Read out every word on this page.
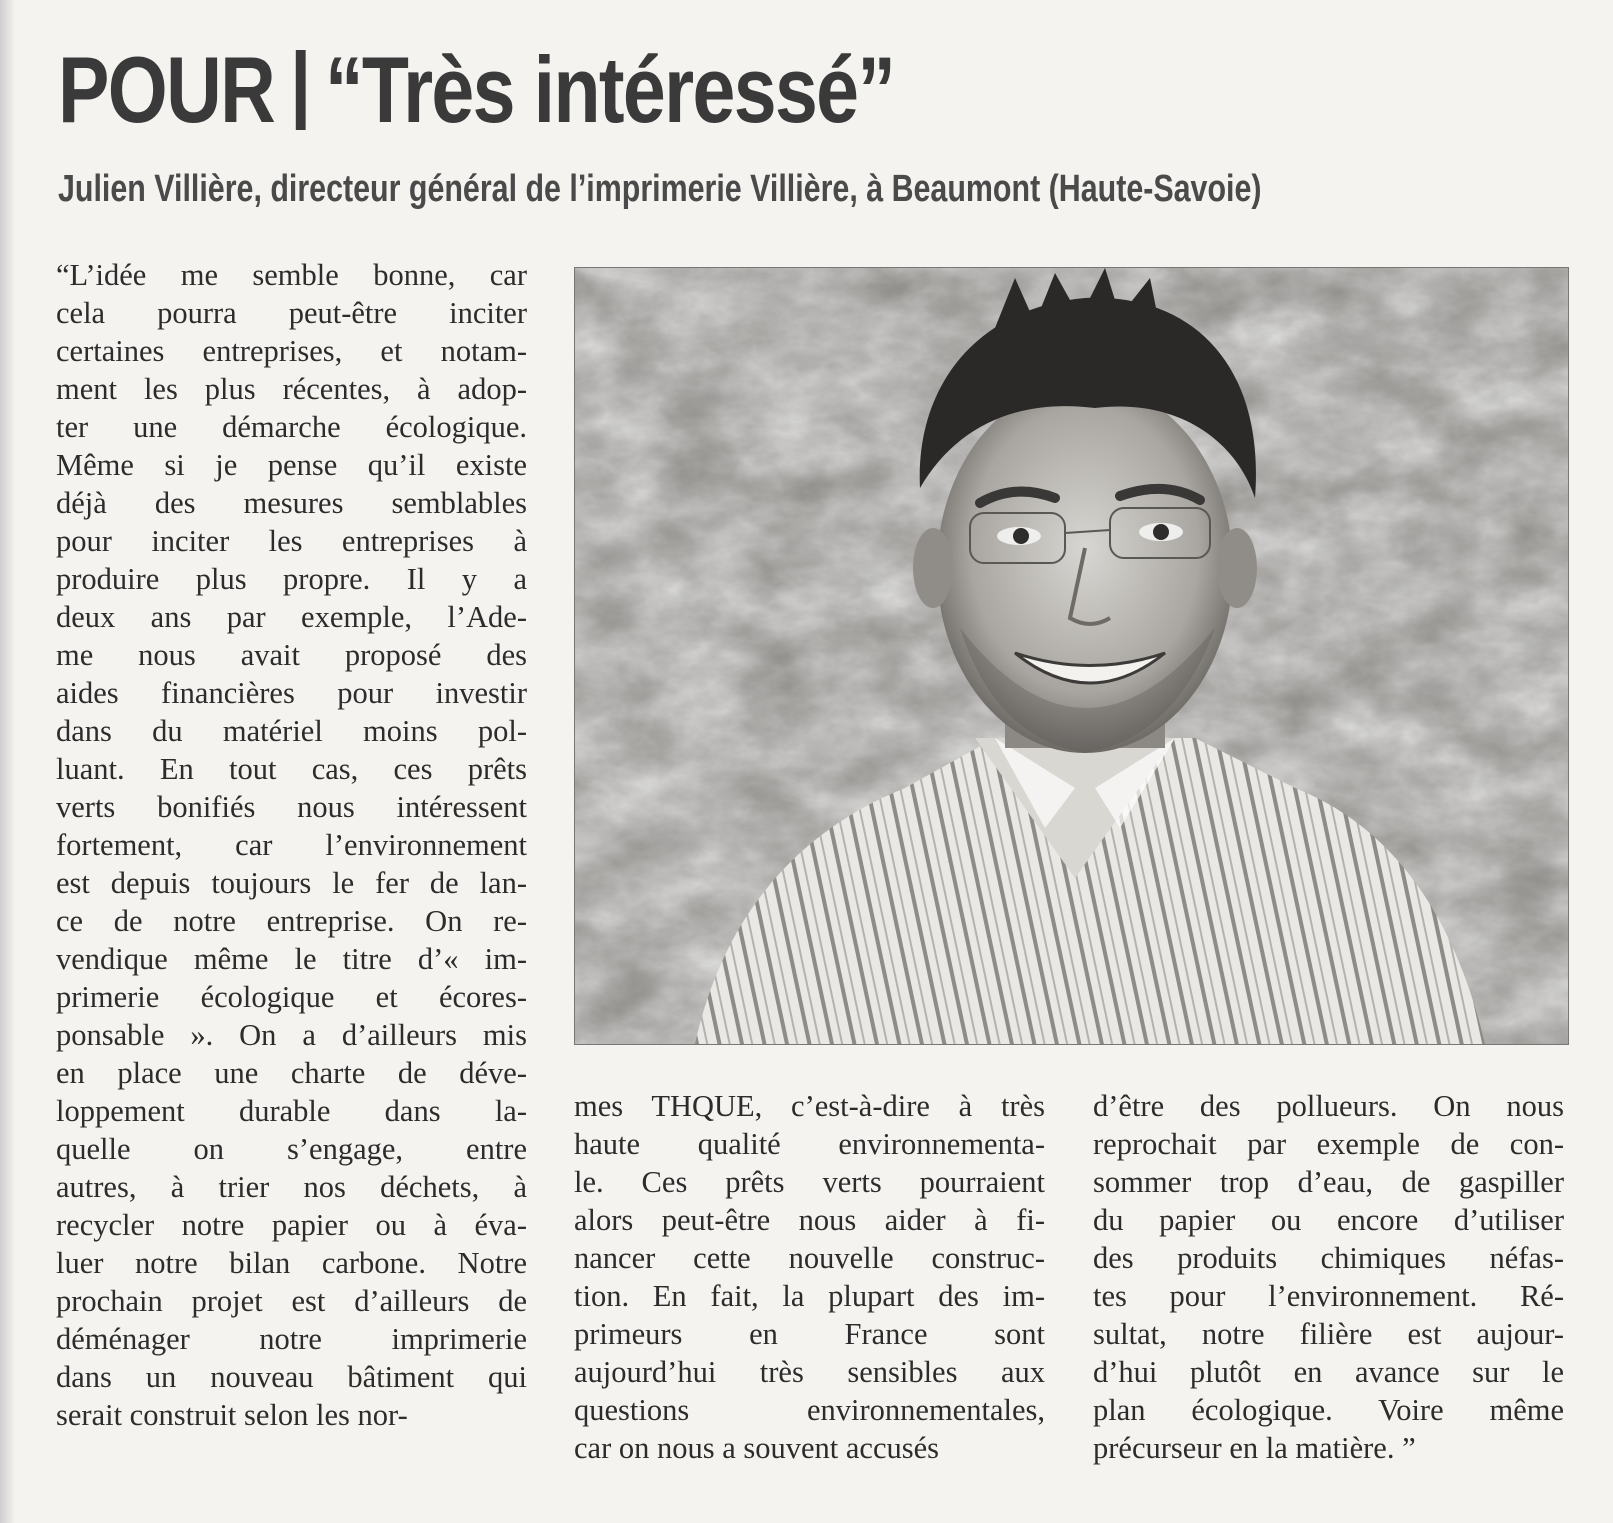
POUR “Très intéressé”
Julien Villière, directeur général de l’imprimerie Villière, à Beaumont (Haute-Savoie)
“L’idée me semble bonne, car
cela pourra peut-être inciter
certaines entreprises, et notam-
ment les plus récentes, à adop-
ter une démarche écologique.
Même si je pense qu’il existe
déjà des mesures semblables
pour inciter les entreprises à
produire plus propre. Il y a
deux ans par exemple, l’Ade-
me nous avait proposé des
aides financières pour investir
dans du matériel moins pol-
luant. En tout cas, ces prêts
verts bonifiés nous intéressent
fortement, car l’environnement
est depuis toujours le fer de lan-
ce de notre entreprise. On re-
vendique même le titre d’« im-
primerie écologique et écores-
ponsable ». On a d’ailleurs mis
en place une charte de déve-
loppement durable dans la-
quelle on s’engage, entre
autres, à trier nos déchets, à
recycler notre papier ou à éva-
luer notre bilan carbone. Notre
prochain projet est d’ailleurs de
déménager notre imprimerie
dans un nouveau bâtiment qui
serait construit selon les nor-
mes THQUE, c’est-à-dire à très
haute qualité environnementa-
le. Ces prêts verts pourraient
alors peut-être nous aider à fi-
nancer cette nouvelle construc-
tion. En fait, la plupart des im-
primeurs en France sont
aujourd’hui très sensibles aux
questions environnementales,
car on nous a souvent accusés
d’être des pollueurs. On nous
reprochait par exemple de con-
sommer trop d’eau, de gaspiller
du papier ou encore d’utiliser
des produits chimiques néfas-
tes pour l’environnement. Ré-
sultat, notre filière est aujour-
d’hui plutôt en avance sur le
plan écologique. Voire même
précurseur en la matière. ”
